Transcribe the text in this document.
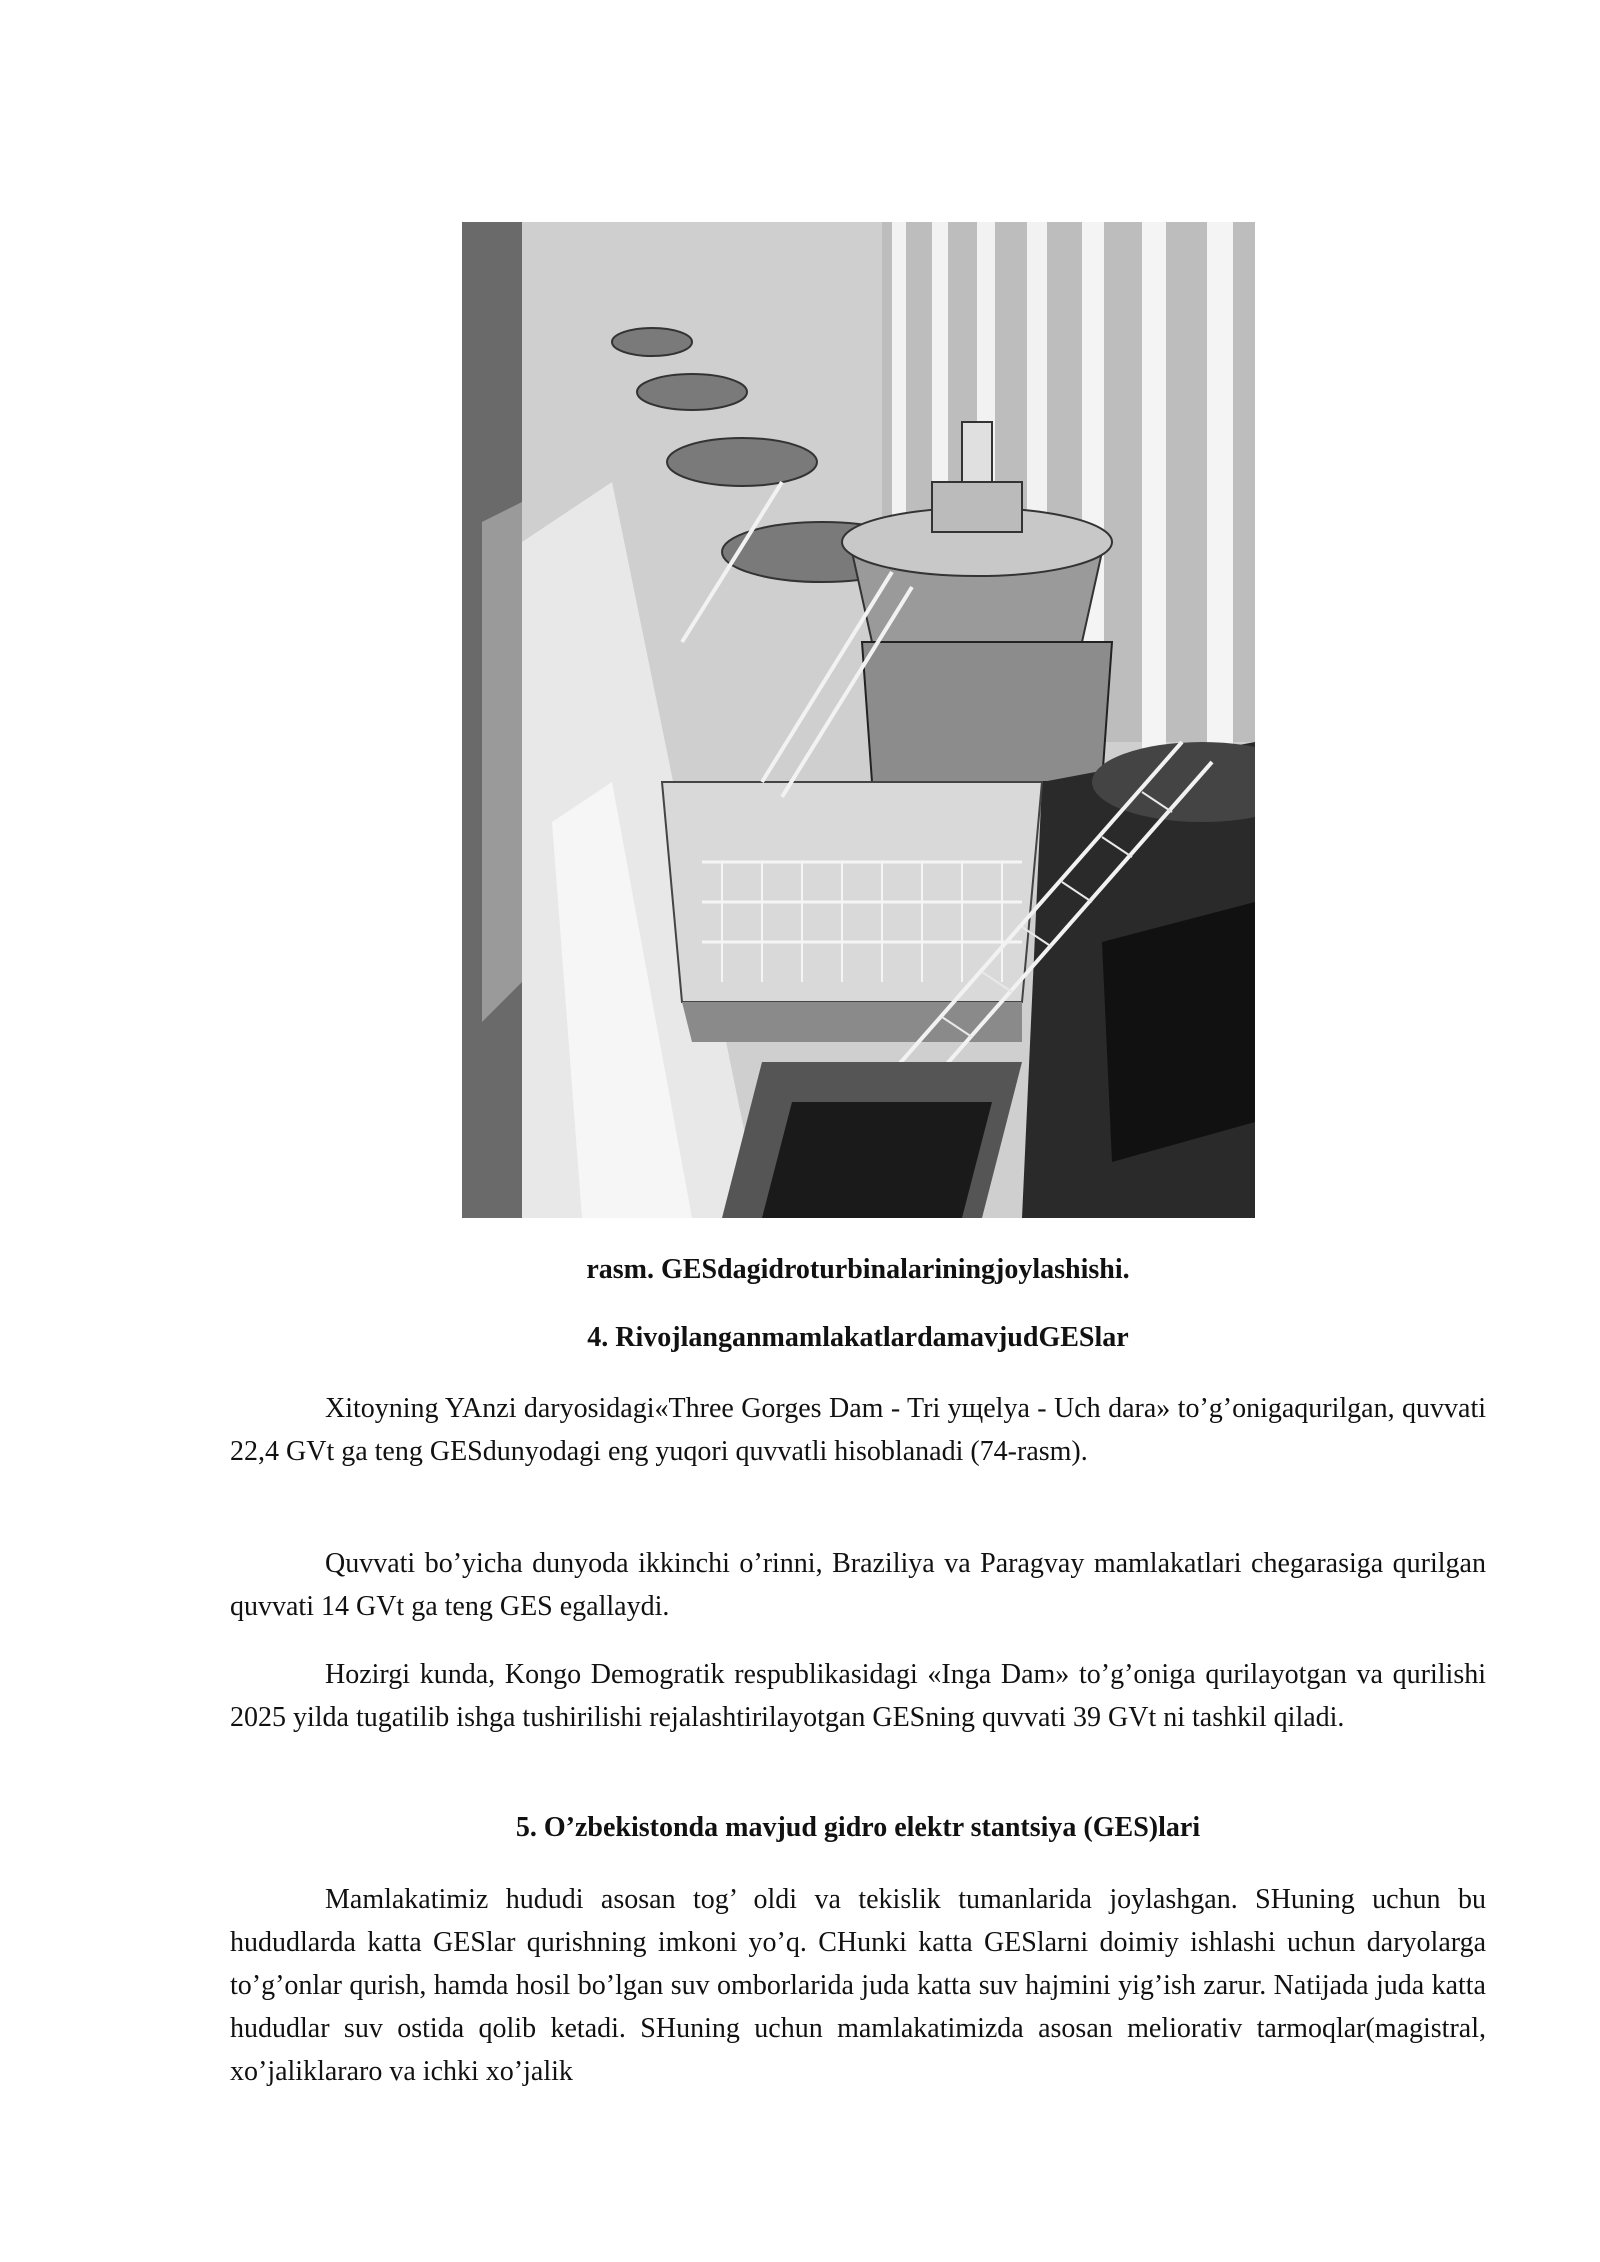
rasm. GESdagidroturbinalariningjoylashishi.

4. RivojlanganmamlakatlardamavjudGESlar

Xitoyning YAnzi daryosidagi«Three Gorges Dam - Tri ущelya - Uch dara» to’g’onigaqurilgan, quvvati 22,4 GVt ga teng GESdunyodagi eng yuqori quvvatli hisoblanadi (74-rasm).

Quvvati bo’yicha dunyoda ikkinchi o’rinni, Braziliya va Paragvay mamlakatlari chegarasiga qurilgan quvvati 14 GVt ga teng GES egallaydi.

Hozirgi kunda, Kongo Demogratik respublikasidagi «Inga Dam» to’g’oniga qurilayotgan va qurilishi 2025 yilda tugatilib ishga tushirilishi rejalashtirilayotgan GESning quvvati 39 GVt ni tashkil qiladi.

5. O’zbekistonda mavjud gidro elektr stantsiya (GES)lari

Mamlakatimiz hududi asosan tog’ oldi va tekislik tumanlarida joylashgan. SHuning uchun bu hududlarda katta GESlar qurishning imkoni yo’q. CHunki katta GESlarni doimiy ishlashi uchun daryolarga to’g’onlar qurish, hamda hosil bo’lgan suv omborlarida juda katta suv hajmini yig’ish zarur. Natijada juda katta hududlar suv ostida qolib ketadi. SHuning uchun mamlakatimizda asosan meliorativ tarmoqlar(magistral, xo’jaliklararo va ichki xo’jalik
